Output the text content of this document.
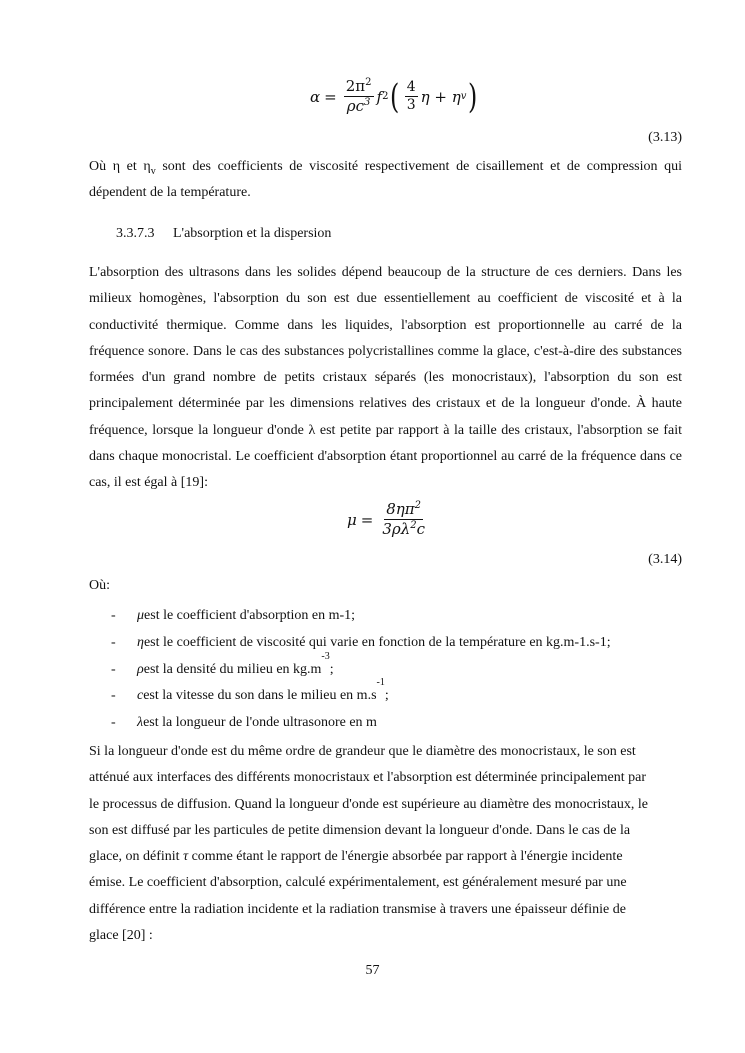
$\alpha = \frac{2\pi^2}{\rho c^3}$ f 2 ( $\frac{4}{3}$ η + η v )
(3.13)

Où η et $\eta_v$ sont des coefficients de viscosité respectivement de cisaillement et de compression qui dépendent de la température.

3.3.7.3 L'absorption et la dispersion

L'absorption des ultrasons dans les solides dépend beaucoup de la structure de ces derniers. Dans les milieux homogènes, l'absorption du son est due essentiellement au coefficient de viscosité et à la conductivité thermique. Comme dans les liquides, l'absorption est proportionnelle au carré de la fréquence sonore. Dans le cas des substances polycristallines comme la glace, c'est-à-dire des substances formées d'un grand nombre de petits cristaux séparés (les monocristaux), l'absorption du son est principalement déterminée par les dimensions relatives des cristaux et de la longueur d'onde. À haute fréquence, lorsque la longueur d'onde λ est petite par rapport à la taille des cristaux, l'absorption se fait dans chaque monocristal. Le coefficient d'absorption étant proportionnel au carré de la fréquence dans ce cas, il est égal à [19]:

$\mu = \frac{8\eta\pi^2}{3\rho\lambda^2c}$
(3.14)
Où:
-	μ est le coefficient d'absorption en m-1;
-	η est le coefficient de viscosité qui varie en fonction de la température en kg.m-1.s-1;
-	ρ est la densité du milieu en kg.m
-3
;
-	c est la vitesse du son dans le milieu en m.s
-1
;
-	λ est la longueur de l'onde ultrasonore en m

Si la longueur d'onde est du même ordre de grandeur que le diamètre des monocristaux, le son est atténué aux interfaces des différents monocristaux et l'absorption est déterminée principalement par le processus de diffusion. Quand la longueur d'onde est supérieure au diamètre des monocristaux, le son est diffusé par les particules de petite dimension devant la longueur d'onde. Dans le cas de la glace, on définit τ comme étant le rapport de l'énergie absorbée par rapport à l'énergie incidente émise. Le coefficient d'absorption, calculé expérimentalement, est généralement mesuré par une différence entre la radiation incidente et la radiation transmise à travers une épaisseur définie de glace [20] :

57
